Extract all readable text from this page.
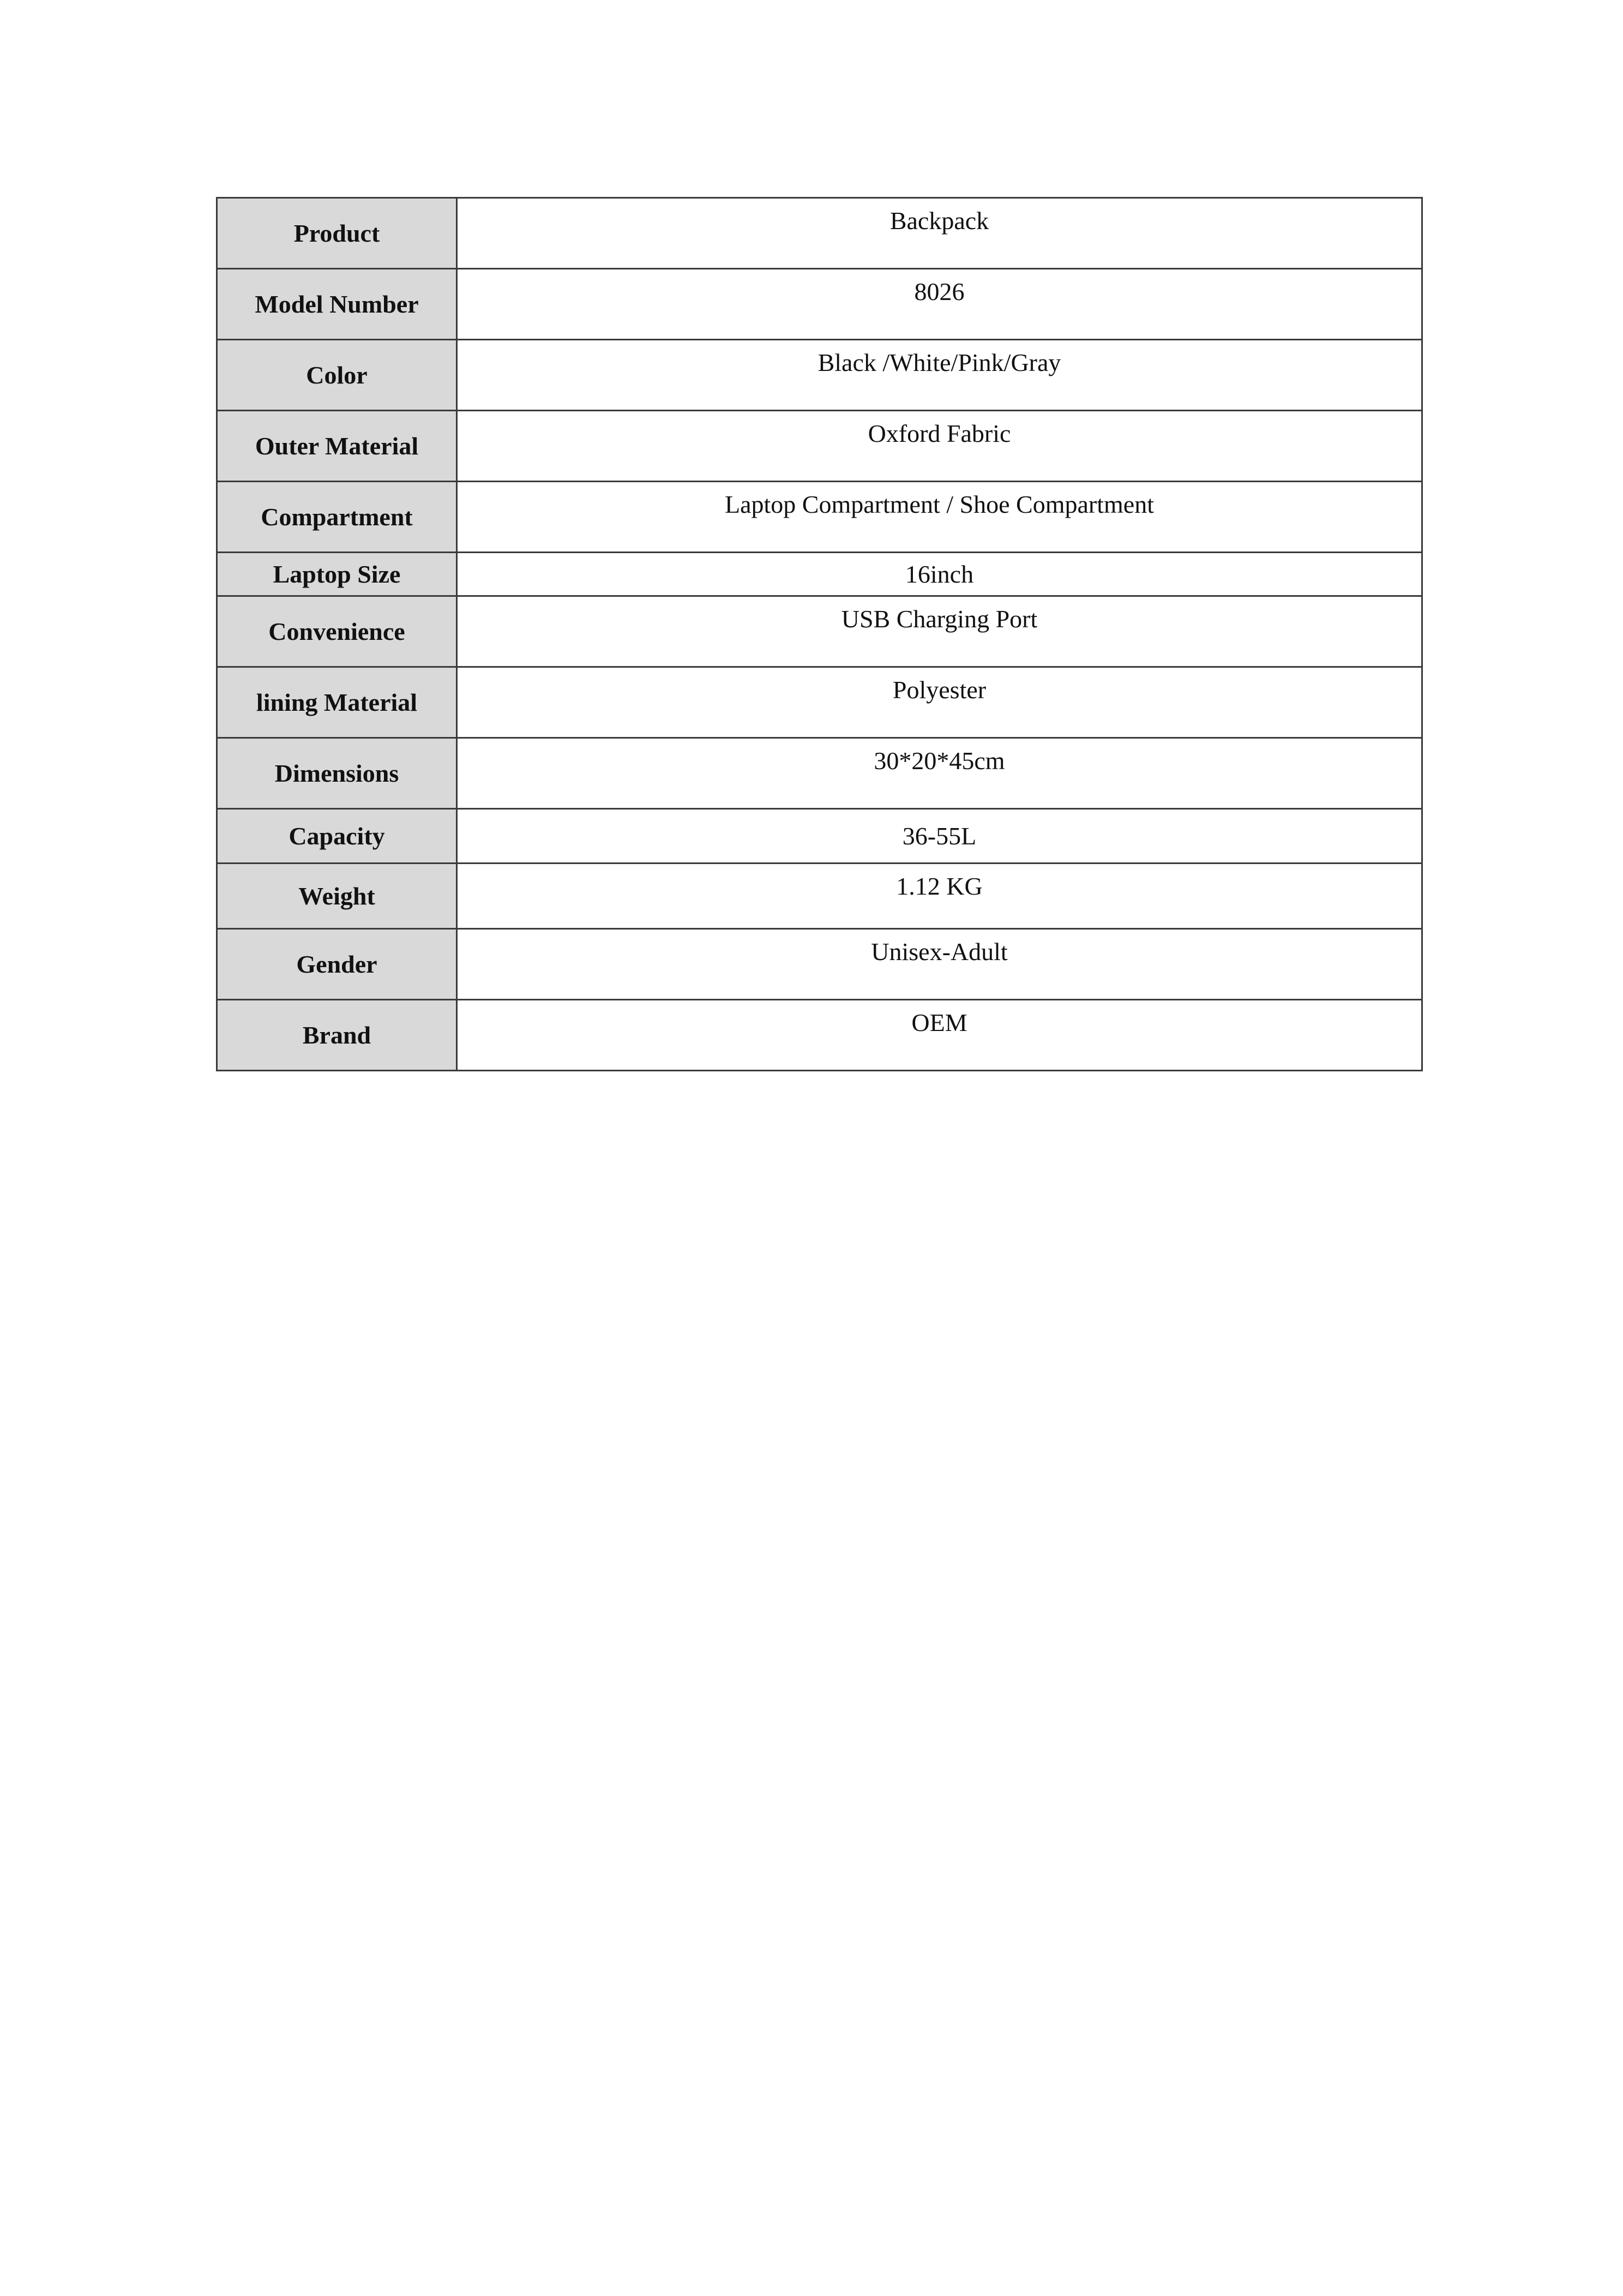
Product	Backpack
Model Number	8026
Color	Black /White/Pink/Gray
Outer Material	Oxford Fabric
Compartment	Laptop Compartment / Shoe Compartment
Laptop Size	16inch
Convenience	USB Charging Port
lining Material	Polyester
Dimensions	30*20*45cm
Capacity	36-55L
Weight	1.12 KG
Gender	Unisex-Adult
Brand	OEM
